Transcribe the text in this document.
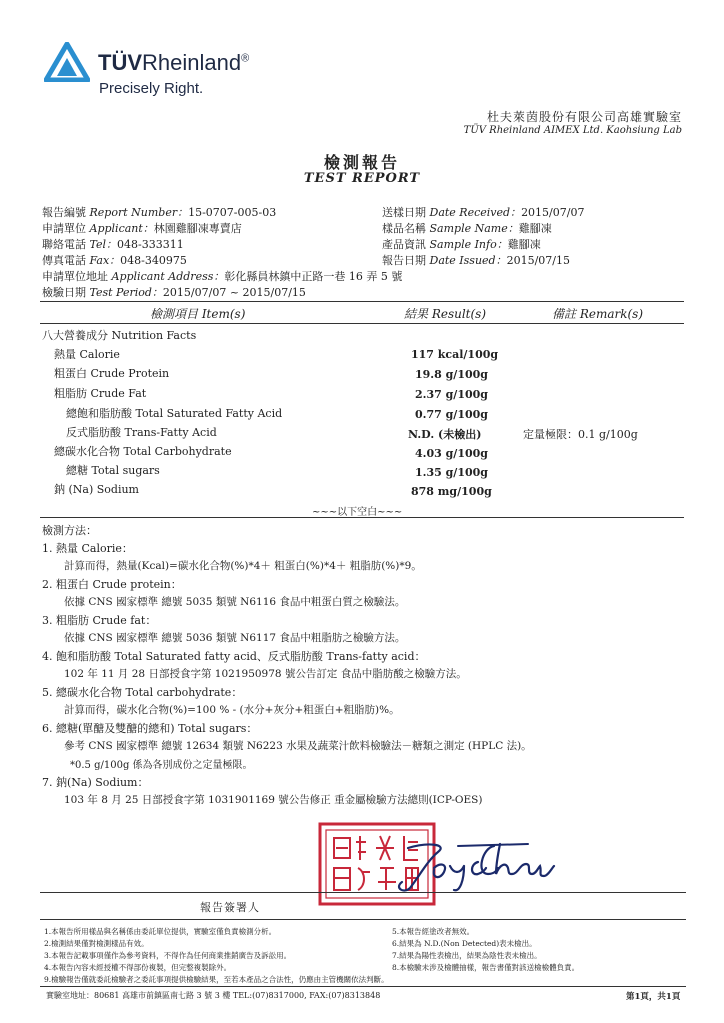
TÜVRheinland®
Precisely Right.
杜夫萊茵股份有限公司高雄實驗室
TÜV Rheinland AIMEX Ltd. Kaohsiung Lab
檢測報告
TEST REPORT
報告編號 Report Number：15-0707-005-03
申請單位 Applicant：林園雞腳凍專賣店
聯絡電話 Tel：048-333311
傳真電話 Fax：048-340975
申請單位地址 Applicant Address：彰化縣員林鎮中正路一巷 16 弄 5 號
檢驗日期 Test Period：2015/07/07 ~ 2015/07/15
送樣日期 Date Received：2015/07/07
樣品名稱 Sample Name：雞腳凍
產品資訊 Sample Info：雞腳凍
報告日期 Date Issued：2015/07/15
檢測項目 Item(s)	結果 Result(s)	備註 Remark(s)
八大營養成分 Nutrition Facts
熱量 Calorie	117 kcal/100g
粗蛋白 Crude Protein	19.8 g/100g
粗脂肪 Crude Fat	2.37 g/100g
總飽和脂肪酸 Total Saturated Fatty Acid	0.77 g/100g
反式脂肪酸 Trans-Fatty Acid	N.D. (未檢出)	定量極限：0.1 g/100g
總碳水化合物 Total Carbohydrate	4.03 g/100g
總糖 Total sugars	1.35 g/100g
鈉 (Na) Sodium	878 mg/100g
~~~以下空白~~~
檢測方法：
1. 熱量 Calorie：
計算而得，熱量(Kcal)=碳水化合物(%)*4＋ 粗蛋白(%)*4＋ 粗脂肪(%)*9。
2. 粗蛋白 Crude protein：
依據 CNS 國家標準 總號 5035 類號 N6116 食品中粗蛋白質之檢驗法。
3. 粗脂肪 Crude fat：
依據 CNS 國家標準 總號 5036 類號 N6117 食品中粗脂肪之檢驗方法。
4. 飽和脂肪酸 Total Saturated fatty acid、反式脂肪酸 Trans-fatty acid：
102 年 11 月 28 日部授食字第 1021950978 號公告訂定 食品中脂肪酸之檢驗方法。
5. 總碳水化合物 Total carbohydrate：
計算而得，碳水化合物(%)=100 % - (水分+灰分+粗蛋白+粗脂肪)%。
6. 總糖(單醣及雙醣的總和) Total sugars：
參考 CNS 國家標準 總號 12634 類號 N6223 水果及蔬菜汁飲料檢驗法－糖類之測定 (HPLC 法)。
*0.5 g/100g 係為各別成份之定量極限。
7. 鈉(Na) Sodium：
103 年 8 月 25 日部授食字第 1031901169 號公告修正 重金屬檢驗方法總則(ICP-OES)
報告簽署人
1.本報告所用樣品與名稱係由委託單位提供，實驗室僅負責檢測分析。
2.檢測結果僅對檢測樣品有效。
3.本報告記載事項僅作為參考資料，不得作為任何商業推銷廣告及訴訟用。
4.本報告內容未經授權不得部份複製，但完整複製除外。
9.檢驗報告僅就委託檢驗者之委託事項提供檢驗結果，至若本產品之合法性，仍應由主管機關依法判斷。
5.本報告經塗改者無效。
6.結果為 N.D.(Non Detected)表未檢出。
7.結果為陽性表檢出，結果為陰性表未檢出。
8.本檢驗未涉及檢體抽樣，報告書僅對該送檢檢體負責。
實驗室地址：80681 高雄市前鎮區南七路 3 號 3 樓 TEL:(07)8317000, FAX:(07)8313848	第1頁，共1頁
